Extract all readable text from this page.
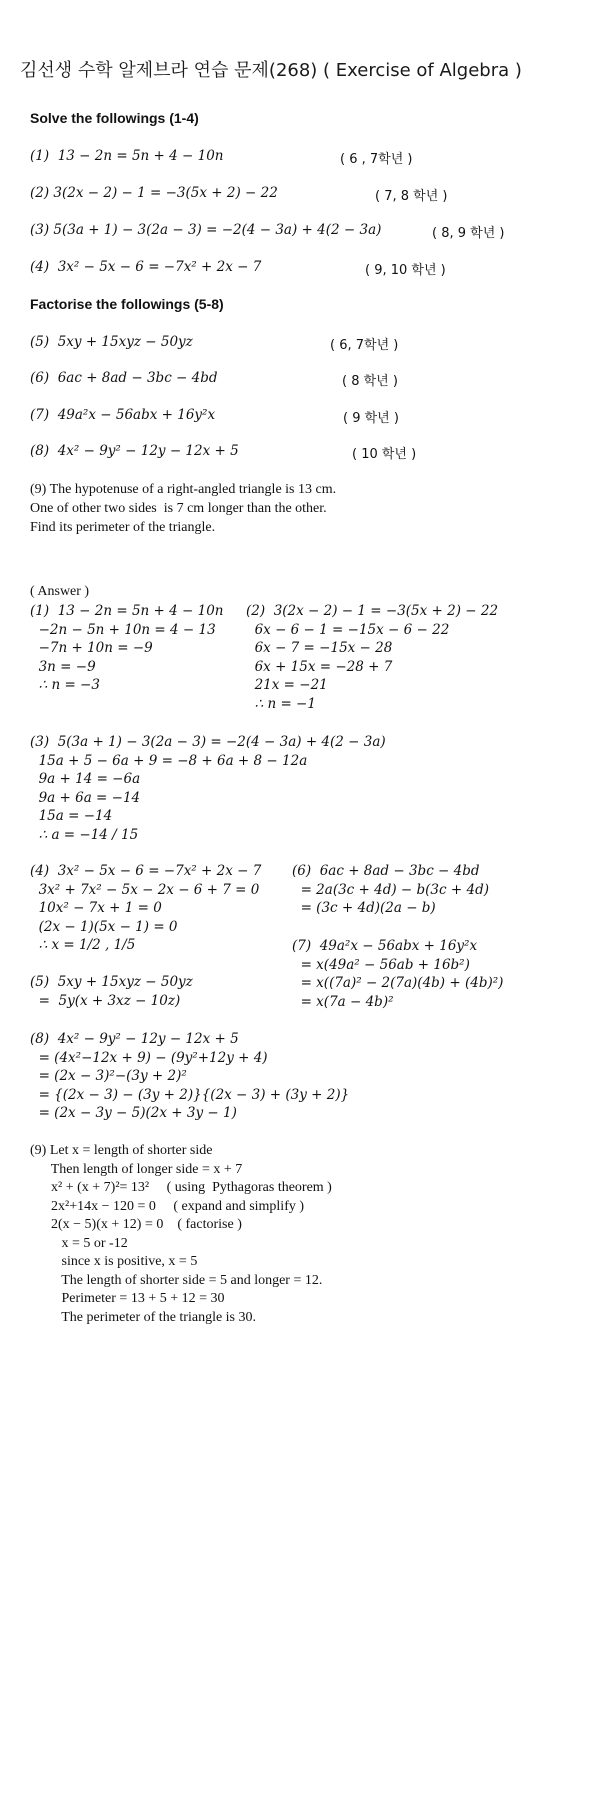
김선생 수학 알제브라 연습 문제(268) ( Exercise of Algebra )
Solve the followings (1-4)
(1)  13 − 2n = 5n + 4 − 10n	( 6 , 7학년 )
(2) 3(2x − 2) − 1 = −3(5x + 2) − 22	( 7, 8 학년 )
(3) 5(3a + 1) − 3(2a − 3) = −2(4 − 3a) + 4(2 − 3a)	( 8, 9 학년 )
(4)  3x² − 5x − 6 = −7x² + 2x − 7	( 9, 10 학년 )
Factorise the followings (5-8)
(5)  5xy + 15xyz − 50yz	( 6, 7학년 )
(6)  6ac + 8ad − 3bc − 4bd	( 8 학년 )
(7)  49a²x − 56abx + 16y²x	( 9 학년 )
(8)  4x² − 9y² − 12y − 12x + 5	( 10 학년 )
(9) The hypotenuse of a right-angled triangle is 13 cm.
One of other two sides  is 7 cm longer than the other.
Find its perimeter of the triangle.
( Answer )
(1)  13 − 2n = 5n + 4 − 10n
−2n − 5n + 10n = 4 − 13
−7n + 10n = −9
3n = −9
∴ n = −3
(2)  3(2x − 2) − 1 = −3(5x + 2) − 22
6x − 6 − 1 = −15x − 6 − 22
6x − 7 = −15x − 28
6x + 15x = −28 + 7
21x = −21
∴ n = −1
(3)  5(3a + 1) − 3(2a − 3) = −2(4 − 3a) + 4(2 − 3a)
15a + 5 − 6a + 9 = −8 + 6a + 8 − 12a
9a + 14 = −6a
9a + 6a = −14
15a = −14
∴ a = −14 / 15
(4)  3x² − 5x − 6 = −7x² + 2x − 7
3x² + 7x² − 5x − 2x − 6 + 7 = 0
10x² − 7x + 1 = 0
(2x − 1)(5x − 1) = 0
∴ x = 1/2 , 1/5
(6)  6ac + 8ad − 3bc − 4bd
= 2a(3c + 4d) − b(3c + 4d)
= (3c + 4d)(2a − b)
(7)  49a²x − 56abx + 16y²x
= x(49a² − 56ab + 16b²)
= x((7a)² − 2(7a)(4b) + (4b)²)
= x(7a − 4b)²
(5)  5xy + 15xyz − 50yz
=  5y(x + 3xz − 10z)
(8)  4x² − 9y² − 12y − 12x + 5
= (4x²−12x + 9) − (9y²+12y + 4)
= (2x − 3)²−(3y + 2)²
= {(2x − 3) − (3y + 2)}{(2x − 3) + (3y + 2)}
= (2x − 3y − 5)(2x + 3y − 1)
(9) Let x = length of shorter side
Then length of longer side = x + 7
x² + (x + 7)²= 13²     ( using  Pythagoras theorem )
2x²+14x − 120 = 0     ( expand and simplify )
2(x − 5)(x + 12) = 0    ( factorise )
x = 5 or -12
since x is positive, x = 5
The length of shorter side = 5 and longer = 12.
Perimeter = 13 + 5 + 12 = 30
The perimeter of the triangle is 30.
